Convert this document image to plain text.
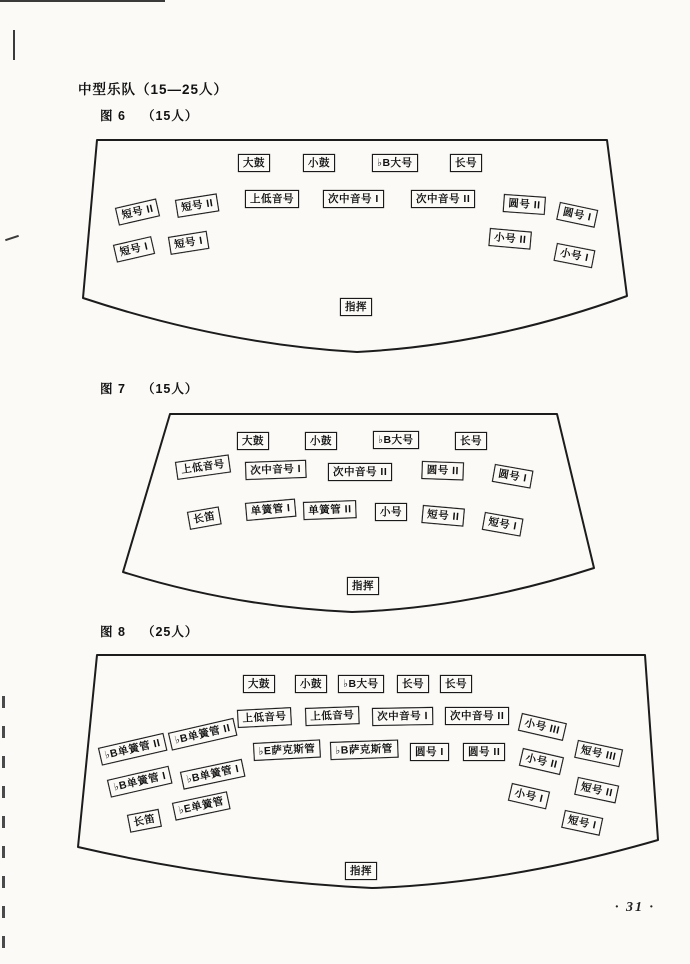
中型乐队（15—25人）
图 6 （15人）
大鼓	小鼓	♭B大号	长号
上低音号	次中音号 I	次中音号 II	圆号 II
圆号 I
短号 II	短号 II
短号 I	短号 I	小号 II
小号 I
指挥
图 7 （15人）
大鼓	小鼓	♭B大号	长号
上低音号	次中音号 I	次中音号 II	圆号 II	圆号 I
长笛
单簧管 I	单簧管 II	小号	短号 II
短号 I
指挥
图 8 （25人）
大鼓	小鼓	♭B大号	长号	长号
上低音号	上低音号	次中音号 I	次中音号 II
小号 III
短号 III
♭B单簧管 II
♭B单簧管 II
♭E萨克斯管	♭B萨克斯管	圆号 I	圆号 II
小号 II
短号 II
♭B单簧管 I	♭B单簧管 I
小号 I
短号 I
长笛
♭E单簧管
指挥
· 31 ·
